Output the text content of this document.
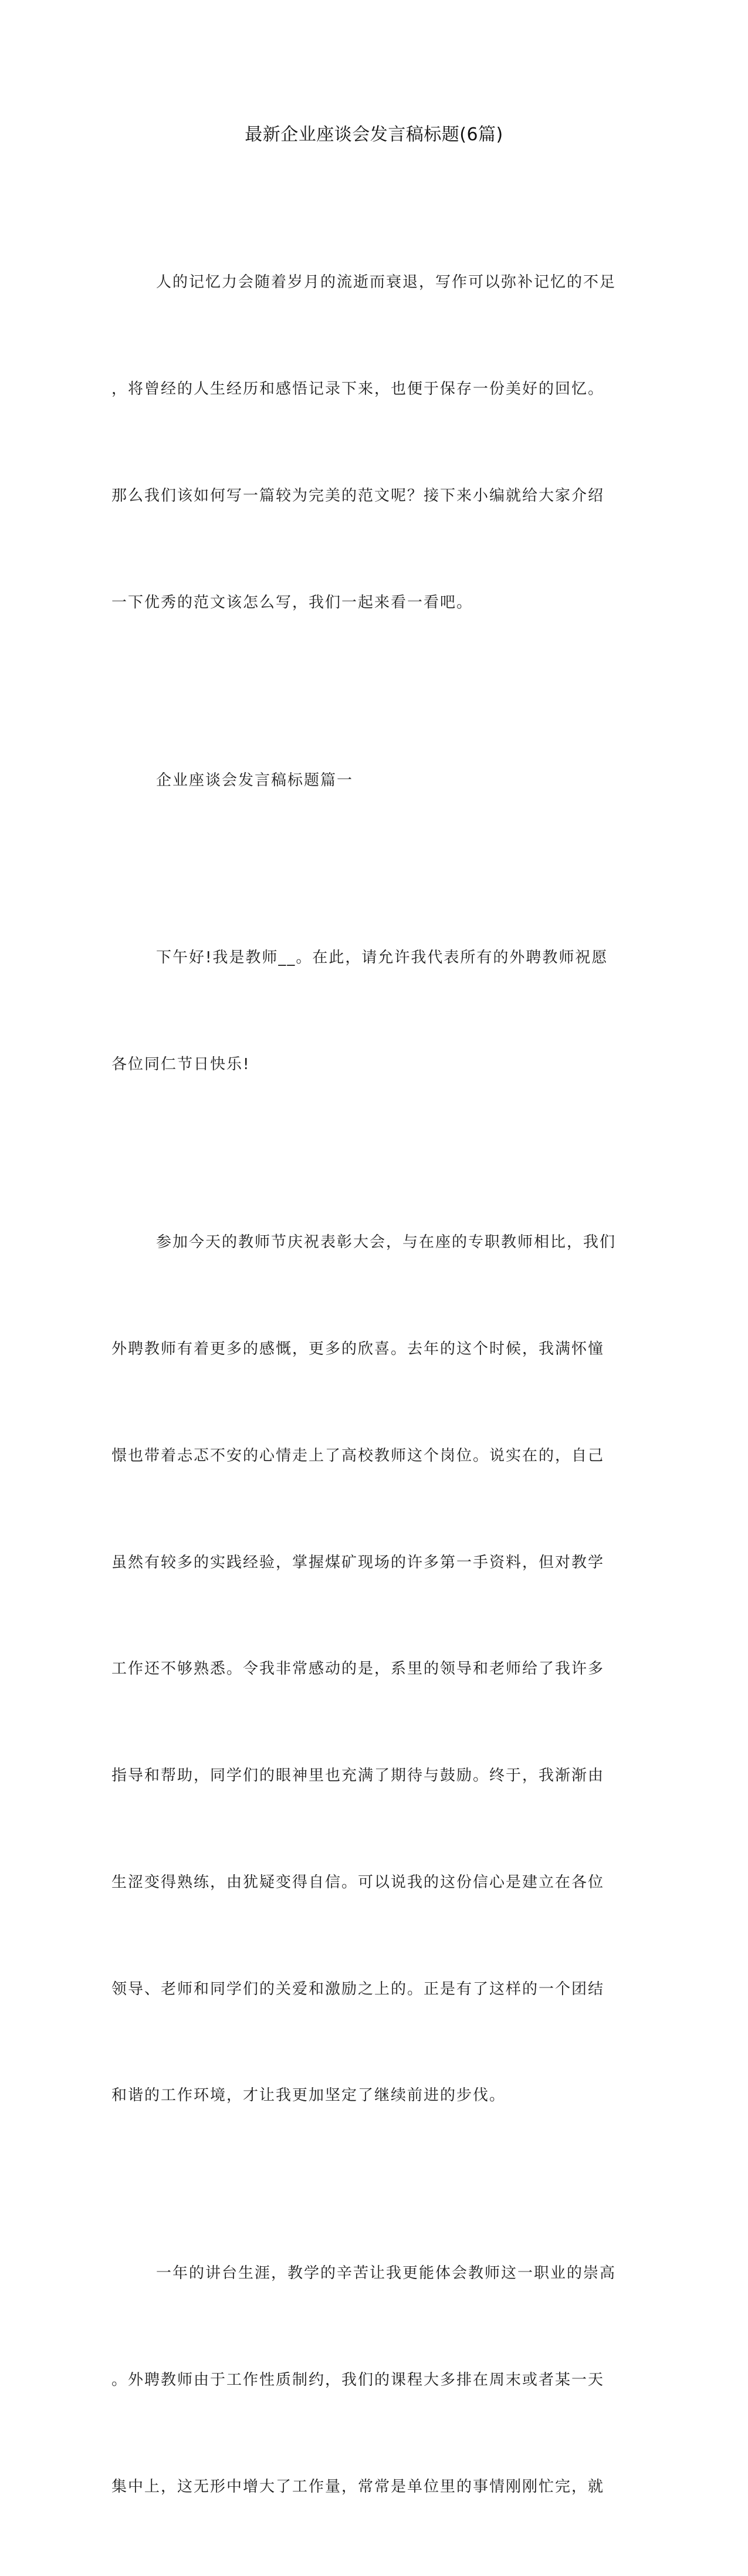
最新企业座谈会发言稿标题(6篇)

人的记忆力会随着岁月的流逝而衰退，写作可以弥补记忆的不足

，将曾经的人生经历和感悟记录下来，也便于保存一份美好的回忆。

那么我们该如何写一篇较为完美的范文呢？接下来小编就给大家介绍

一下优秀的范文该怎么写，我们一起来看一看吧。

企业座谈会发言稿标题篇一

下午好!我是教师__。在此，请允许我代表所有的外聘教师祝愿

各位同仁节日快乐!

参加今天的教师节庆祝表彰大会，与在座的专职教师相比，我们

外聘教师有着更多的感慨，更多的欣喜。去年的这个时候，我满怀憧

憬也带着忐忑不安的心情走上了高校教师这个岗位。说实在的，自己

虽然有较多的实践经验，掌握煤矿现场的许多第一手资料，但对教学

工作还不够熟悉。令我非常感动的是，系里的领导和老师给了我许多

指导和帮助，同学们的眼神里也充满了期待与鼓励。终于，我渐渐由

生涩变得熟练，由犹疑变得自信。可以说我的这份信心是建立在各位

领导、老师和同学们的关爱和激励之上的。正是有了这样的一个团结

和谐的工作环境，才让我更加坚定了继续前进的步伐。

一年的讲台生涯，教学的辛苦让我更能体会教师这一职业的崇高

。外聘教师由于工作性质制约，我们的课程大多排在周末或者某一天

集中上，这无形中增大了工作量，常常是单位里的事情刚刚忙完，就
